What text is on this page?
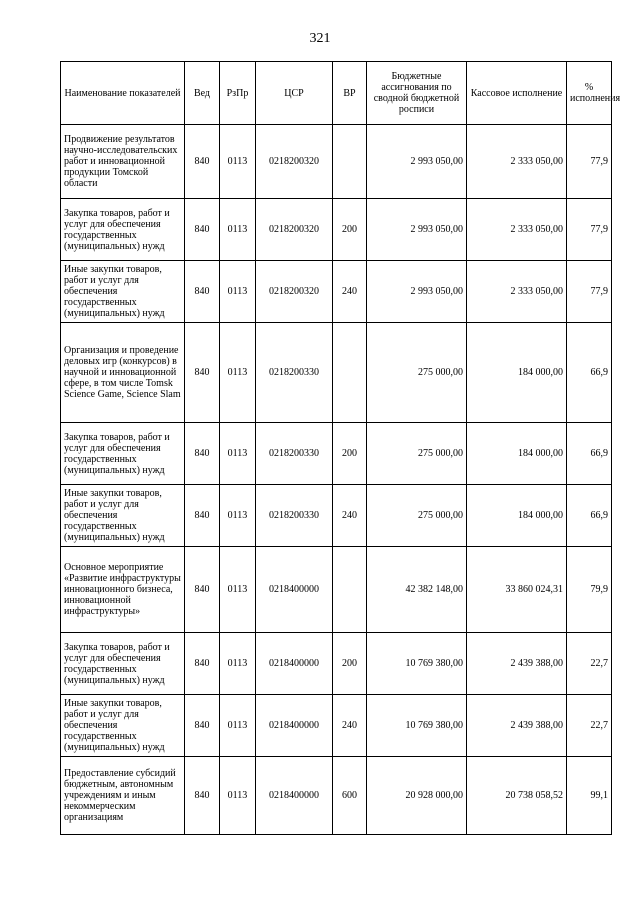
321
Наименование показателей	Вед	РзПр	ЦСР	ВР	Бюджетные ассигнования по сводной бюджетной росписи	Кассовое исполнение	% исполнения
Продвижение результатов научно-исследовательских работ и инновационной продукции Томской области	840	0113	0218200320		2 993 050,00	2 333 050,00	77,9
Закупка товаров, работ и услуг для обеспечения государственных (муниципальных) нужд	840	0113	0218200320	200	2 993 050,00	2 333 050,00	77,9
Иные закупки товаров, работ и услуг для обеспечения государственных (муниципальных) нужд	840	0113	0218200320	240	2 993 050,00	2 333 050,00	77,9
Организация и проведение деловых игр (конкурсов) в научной и инновационной сфере, в том числе Tomsk Science Game, Science Slam	840	0113	0218200330		275 000,00	184 000,00	66,9
Закупка товаров, работ и услуг для обеспечения государственных (муниципальных) нужд	840	0113	0218200330	200	275 000,00	184 000,00	66,9
Иные закупки товаров, работ и услуг для обеспечения государственных (муниципальных) нужд	840	0113	0218200330	240	275 000,00	184 000,00	66,9
Основное мероприятие «Развитие инфраструктуры инновационного бизнеса, инновационной инфраструктуры»	840	0113	0218400000		42 382 148,00	33 860 024,31	79,9
Закупка товаров, работ и услуг для обеспечения государственных (муниципальных) нужд	840	0113	0218400000	200	10 769 380,00	2 439 388,00	22,7
Иные закупки товаров, работ и услуг для обеспечения государственных (муниципальных) нужд	840	0113	0218400000	240	10 769 380,00	2 439 388,00	22,7
Предоставление субсидий бюджетным, автономным учреждениям и иным некоммерческим организациям	840	0113	0218400000	600	20 928 000,00	20 738 058,52	99,1
